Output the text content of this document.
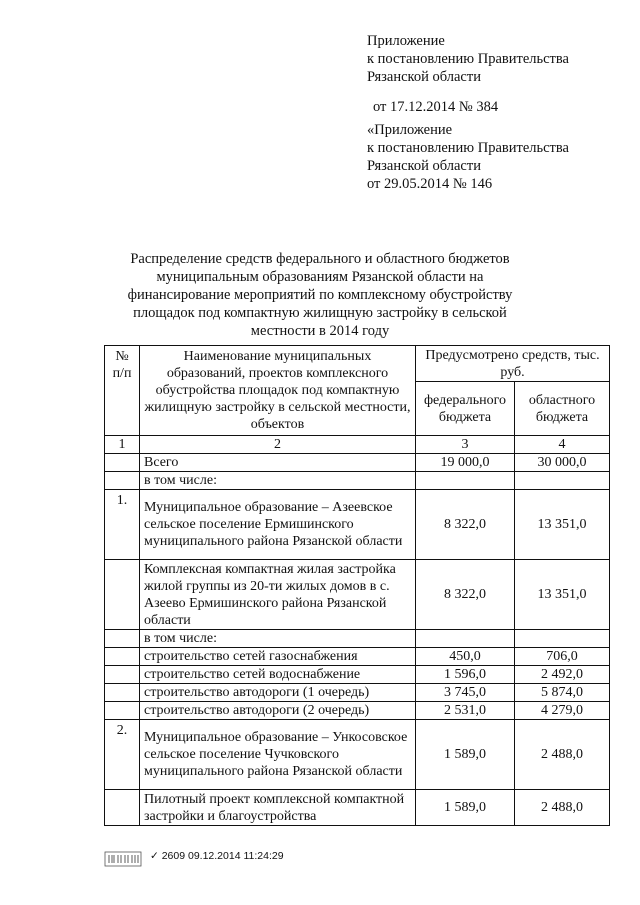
Приложение
к постановлению Правительства
Рязанской области
от 17.12.2014 № 384
«Приложение
к постановлению Правительства
Рязанской области
от 29.05.2014 № 146
Распределение средств федерального и областного бюджетов муниципальным образованиям Рязанской области на финансирование мероприятий по комплексному обустройству площадок под компактную жилищную застройку в сельской местности в 2014 году
№ п/п	Наименование муниципальных образований, проектов комплексного обустройства площадок под компактную жилищную застройку в сельской местности, объектов	Предусмотрено средств, тыс. руб.	
		федерального бюджета	областного бюджета
1	2	3	4
	Всего	19 000,0	30 000,0
	в том числе:		
1.	Муниципальное образование – Азеевское сельское поселение Ермишинского муниципального района Рязанской области	8 322,0	13 351,0
	Комплексная компактная жилая застройка жилой группы из 20-ти жилых домов в с. Азеево Ермишинского района Рязанской области	8 322,0	13 351,0
	в том числе:		
	строительство сетей газоснабжения	450,0	706,0
	строительство сетей водоснабжение	1 596,0	2 492,0
	строительство автодороги (1 очередь)	3 745,0	5 874,0
	строительство автодороги (2 очередь)	2 531,0	4 279,0
2.	Муниципальное образование – Ункосовское сельское поселение Чучковского муниципального района Рязанской области	1 589,0	2 488,0
	Пилотный проект комплексной компактной застройки и благоустройства	1 589,0	2 488,0
✓ 2609 09.12.2014 11:24:29
